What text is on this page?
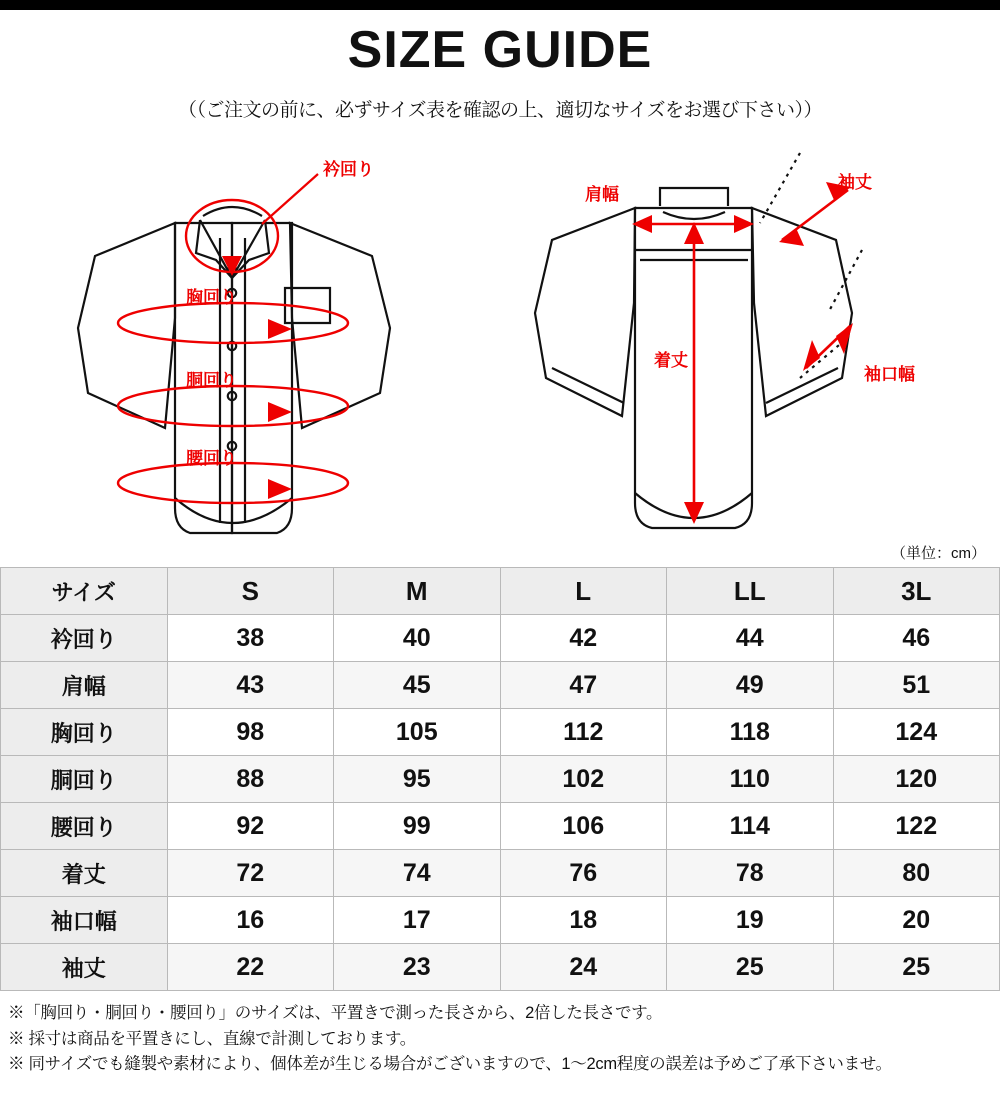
SIZE GUIDE
（（ご注文の前に、必ずサイズ表を確認の上、適切なサイズをお選び下さい））
衿回り
胸回り
胴回り
腰回り
肩幅
袖丈
着丈
袖口幅
（単位：cm）
サイズ	S	M	L	LL	3L
衿回り	38	40	42	44	46
肩幅	43	45	47	49	51
胸回り	98	105	112	118	124
胴回り	88	95	102	110	120
腰回り	92	99	106	114	122
着丈	72	74	76	78	80
袖口幅	16	17	18	19	20
袖丈	22	23	24	25	25
※「胸回り・胴回り・腰回り」のサイズは、平置きで測った長さから、2倍した長さです。
※ 採寸は商品を平置きにし、直線で計測しております。
※ 同サイズでも縫製や素材により、個体差が生じる場合がございますので、1〜2cm程度の誤差は予めご了承下さいませ。
